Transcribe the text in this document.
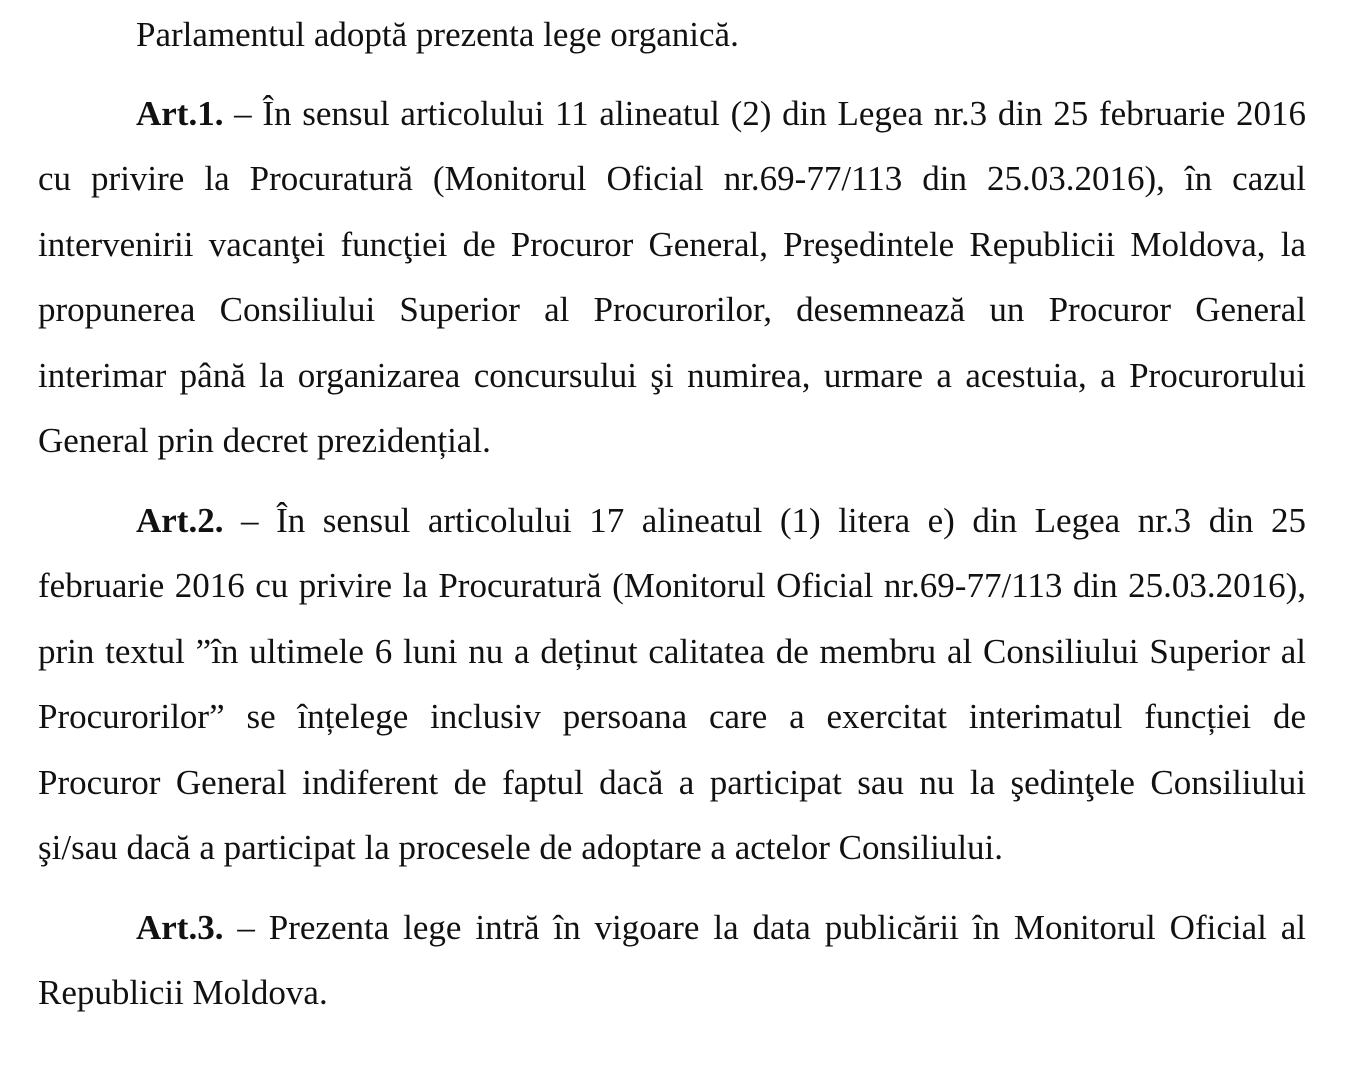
Parlamentul adoptă prezenta lege organică.

Art.1. – În sensul articolului 11 alineatul (2) din Legea nr.3 din 25 februarie 2016 cu privire la Procuratură (Monitorul Oficial nr.69-77/113 din 25.03.2016), în cazul intervenirii vacanţei funcţiei de Procuror General, Preşedintele Republicii Moldova, la propunerea Consiliului Superior al Procurorilor, desemnează un Procuror General interimar până la organizarea concursului şi numirea, urmare a acestuia, a Procurorului General prin decret prezidențial.

Art.2. – În sensul articolului 17 alineatul (1) litera e) din Legea nr.3 din 25 februarie 2016 cu privire la Procuratură (Monitorul Oficial nr.69-77/113 din 25.03.2016), prin textul ”în ultimele 6 luni nu a deținut calitatea de membru al Consiliului Superior al Procurorilor” se înțelege inclusiv persoana care a exercitat interimatul funcției de Procuror General indiferent de faptul dacă a participat sau nu la şedinţele Consiliului şi/sau dacă a participat la procesele de adoptare a actelor Consiliului.

Art.3. – Prezenta lege intră în vigoare la data publicării în Monitorul Oficial al Republicii Moldova.
